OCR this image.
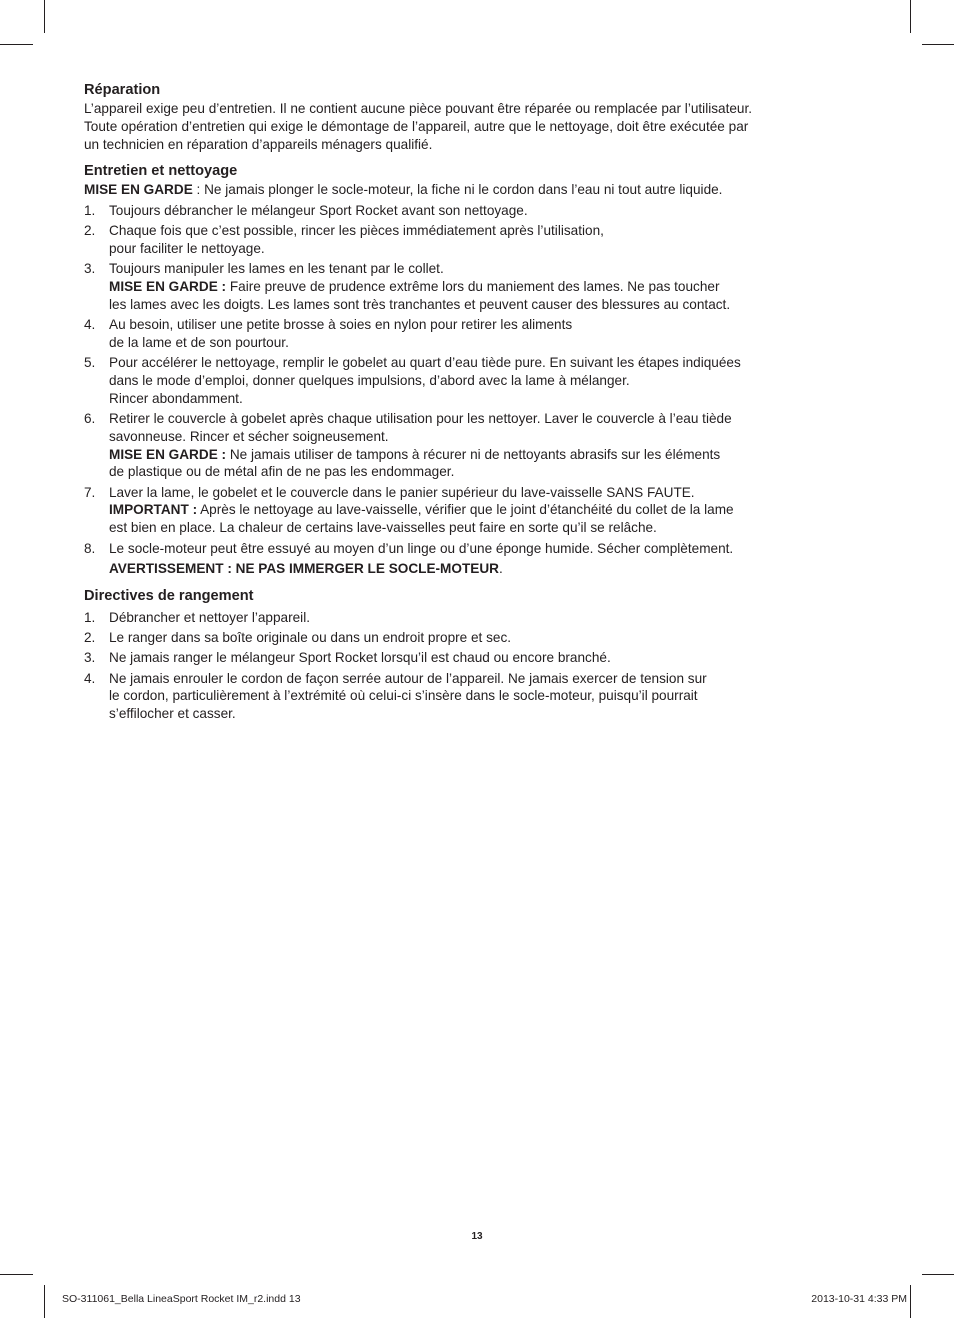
Réparation

L’appareil exige peu d’entretien. Il ne contient aucune pièce pouvant être réparée ou remplacée par l’utilisateur.
Toute opération d’entretien qui exige le démontage de l’appareil, autre que le nettoyage, doit être exécutée par
un technicien en réparation d’appareils ménagers qualifié.

Entretien et nettoyage

MISE EN GARDE : Ne jamais plonger le socle-moteur, la fiche ni le cordon dans l’eau ni tout autre liquide.

1. Toujours débrancher le mélangeur Sport Rocket avant son nettoyage.
2. Chaque fois que c’est possible, rincer les pièces immédiatement après l’utilisation,
pour faciliter le nettoyage.
3. Toujours manipuler les lames en les tenant par le collet.
MISE EN GARDE : Faire preuve de prudence extrême lors du maniement des lames. Ne pas toucher
les lames avec les doigts. Les lames sont très tranchantes et peuvent causer des blessures au contact.
4. Au besoin, utiliser une petite brosse à soies en nylon pour retirer les aliments
de la lame et de son pourtour.
5. Pour accélérer le nettoyage, remplir le gobelet au quart d’eau tiède pure. En suivant les étapes indiquées
dans le mode d’emploi, donner quelques impulsions, d’abord avec la lame à mélanger.
Rincer abondamment.
6. Retirer le couvercle à gobelet après chaque utilisation pour les nettoyer. Laver le couvercle à l’eau tiède
savonneuse. Rincer et sécher soigneusement.
MISE EN GARDE : Ne jamais utiliser de tampons à récurer ni de nettoyants abrasifs sur les éléments
de plastique ou de métal afin de ne pas les endommager.
7. Laver la lame, le gobelet et le couvercle dans le panier supérieur du lave-vaisselle SANS FAUTE.
IMPORTANT : Après le nettoyage au lave-vaisselle, vérifier que le joint d’étanchéité du collet de la lame
est bien en place. La chaleur de certains lave-vaisselles peut faire en sorte qu’il se relâche.
8. Le socle-moteur peut être essuyé au moyen d’un linge ou d’une éponge humide. Sécher complètement.
AVERTISSEMENT : NE PAS IMMERGER LE SOCLE-MOTEUR.
Directives de rangement
1. Débrancher et nettoyer l’appareil.
2. Le ranger dans sa boîte originale ou dans un endroit propre et sec.
3. Ne jamais ranger le mélangeur Sport Rocket lorsqu’il est chaud ou encore branché.
4. Ne jamais enrouler le cordon de façon serrée autour de l’appareil. Ne jamais exercer de tension sur
le cordon, particulièrement à l’extrémité où celui-ci s’insère dans le socle-moteur, puisqu’il pourrait
s’effilocher et casser.
13
SO-311061_Bella LineaSport Rocket IM_r2.indd 13	2013-10-31 4:33 PM
